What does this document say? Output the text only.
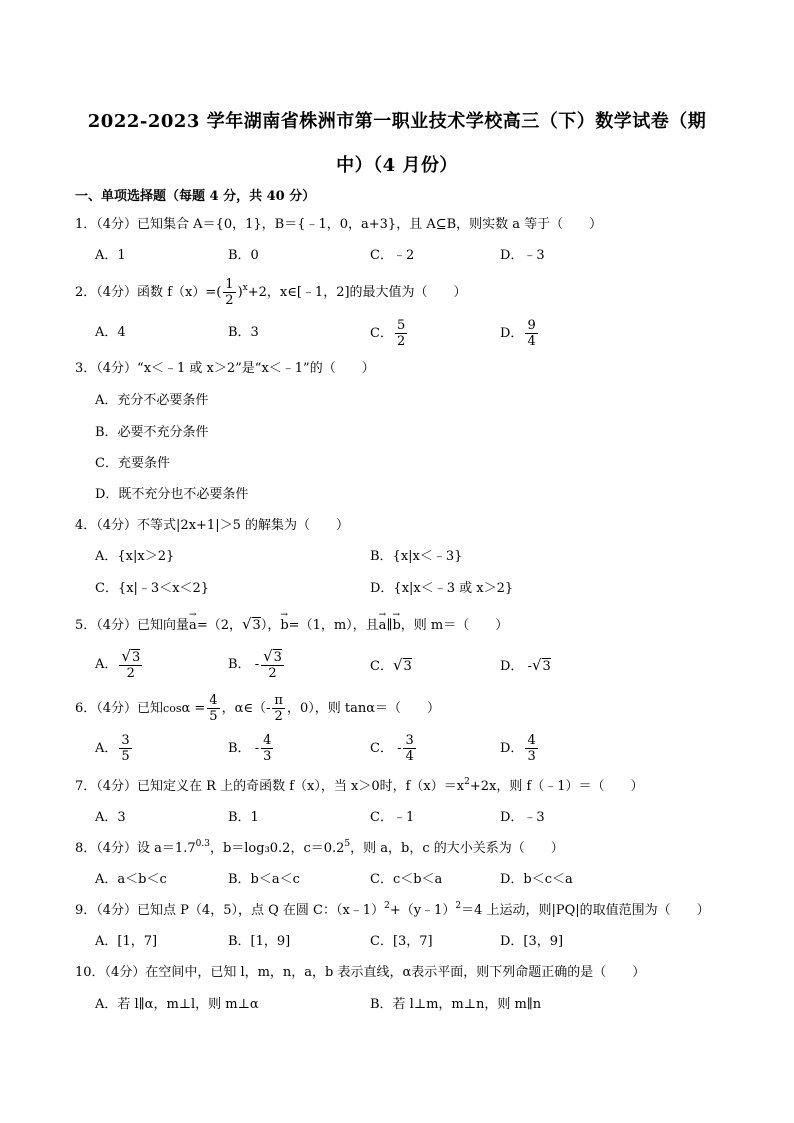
2022-2023 学年湖南省株洲市第一职业技术学校高三（下）数学试卷（期
中）（4 月份）
一、单项选择题（每题 4 分，共 40 分）
1．（4分）已知集合 A＝{0，1}，B＝{﹣1，0，a+3}，且 A⊆B，则实数 a 等于（　　）
A．1	B．0	C．﹣2	D．﹣3
2．（4分）函数 $f(x)=( \frac{1}{2} )^x+2$，x∈[﹣1，2]的最大值为（　　）
A．4	B．3	C． $\frac{5}{2}$	D． $\frac{9}{4}$
3．（4分）“x＜﹣1 或 x＞2”是“x＜﹣1”的（　　）
A．充分不必要条件
B．必要不充分条件
C．充要条件
D．既不充分也不必要条件
4．（4分）不等式|2x+1|＞5 的解集为（　　）
A．{x|x＞2}	B．{x|x＜﹣3}
C．{x|﹣3＜x＜2}	D．{x|x＜﹣3 或 x＞2}
5．（4分）已知向量→ a=（2，√3），→ b=（1，m），且→ a∥→ b，则 m＝（　　）
A． $\frac{√3}{2}$	B． - $\frac{√3}{2}$	C．√3	D． -√3
6．（4分）已知$\cos\alpha = \frac{4}{5}$ ，α∈（- $\frac{\pi}{2}$ ，0），则 tanα＝（　　）
A． $\frac{3}{5}$	B． - $\frac{4}{3}$	C． - $\frac{3}{4}$	D． $\frac{4}{3}$
7．（4分）已知定义在 R 上的奇函数 f（x），当 x＞0时，$f(x)=x^2+2x$，则 f（﹣1）＝（　　）
A．3	B．1	C．﹣1	D．﹣3
8．（4分）设 $a=1.7^{0.3}$，b＝log₃0.2，$c=0.2^5$，则 a，b，c 的大小关系为（　　）
A．a＜b＜c	B．b＜a＜c	C．c＜b＜a	D．b＜c＜a
9．（4分）已知点 P（4，5），点 Q 在圆 C：（x﹣1）$^2$+（y﹣1）$^2$＝4 上运动，则|PQ|的取值范围为（　　）
A．[1，7]	B．[1，9]	C．[3，7]	D．[3，9]
10．（4分）在空间中，已知 l，m，n，a，b 表示直线，α表示平面，则下列命题正确的是（　　）
A．若 l∥α，m⊥l，则 m⊥α	B．若 l⊥m，m⊥n，则 m∥n
